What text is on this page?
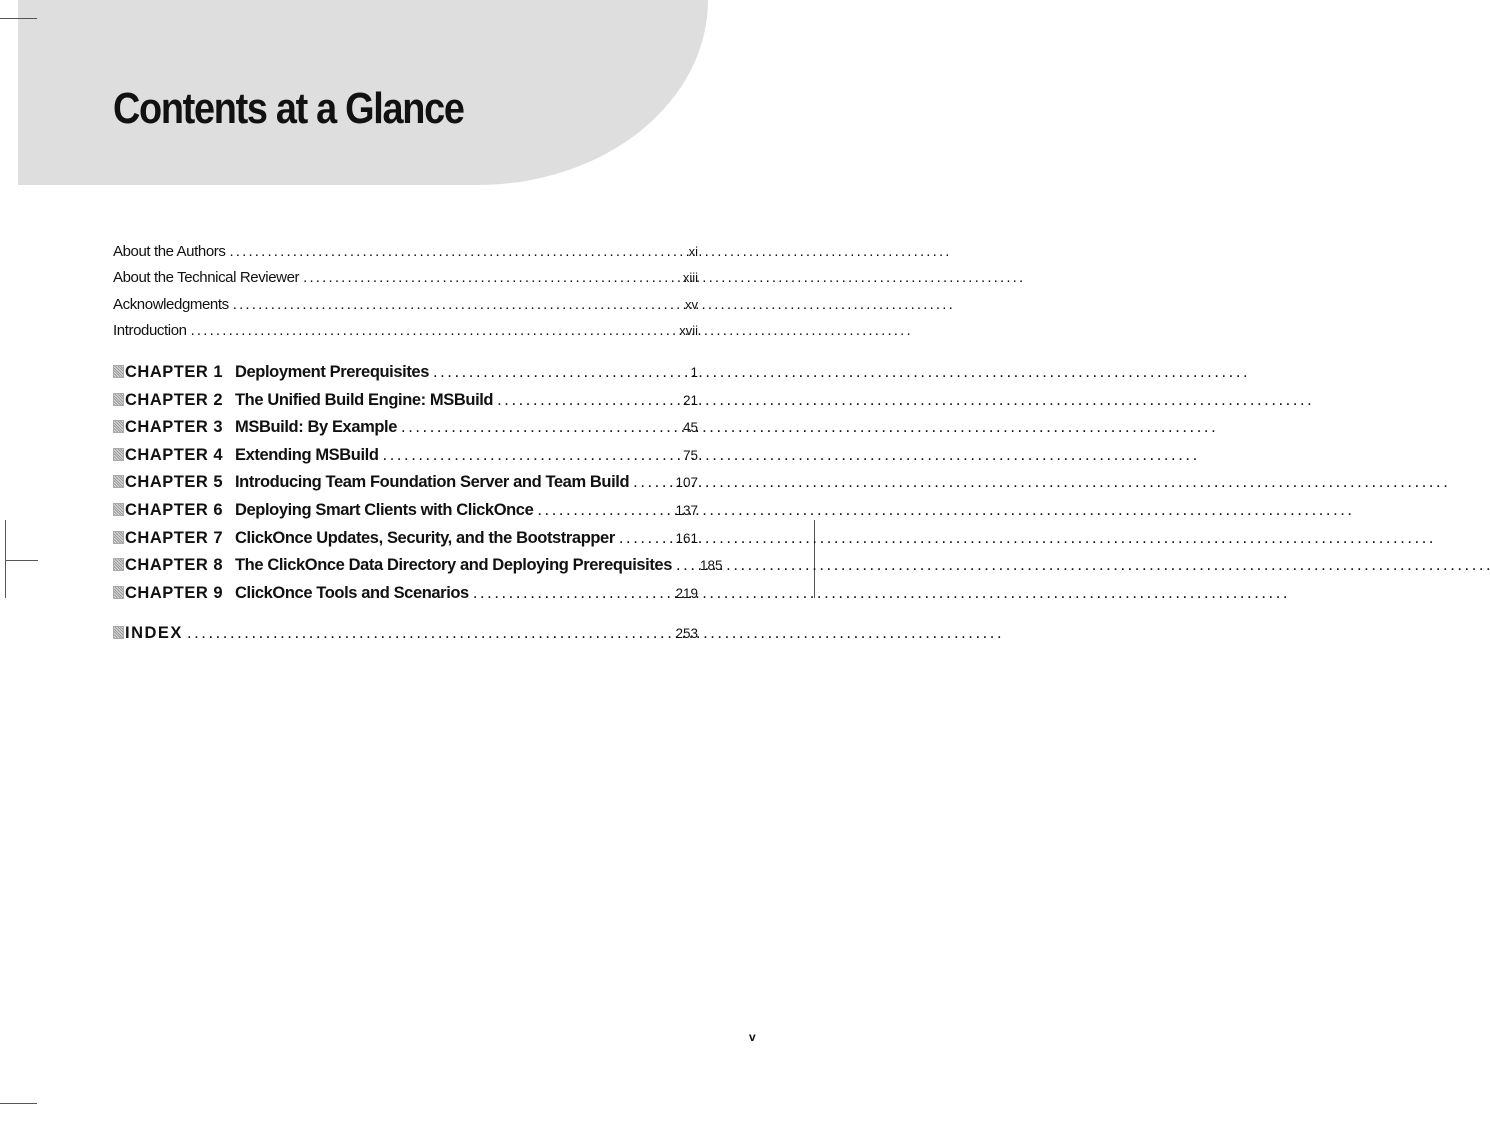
Contents at a Glance
About the Authors . . .	xi
About the Technical Reviewer . . .	xiii
Acknowledgments . . .	xv
Introduction . . .	xvii
CHAPTER 1 Deployment Prerequisites . . .	1
CHAPTER 2 The Unified Build Engine: MSBuild . . .	21
CHAPTER 3 MSBuild: By Example . . .	45
CHAPTER 4 Extending MSBuild . . .	75
CHAPTER 5 Introducing Team Foundation Server and Team Build . . .	107
CHAPTER 6 Deploying Smart Clients with ClickOnce . . .	137
CHAPTER 7 ClickOnce Updates, Security, and the Bootstrapper . . .	161
CHAPTER 8 The ClickOnce Data Directory and Deploying Prerequisites . . . 185
CHAPTER 9 ClickOnce Tools and Scenarios . . .	219
INDEX . . .	253
v
